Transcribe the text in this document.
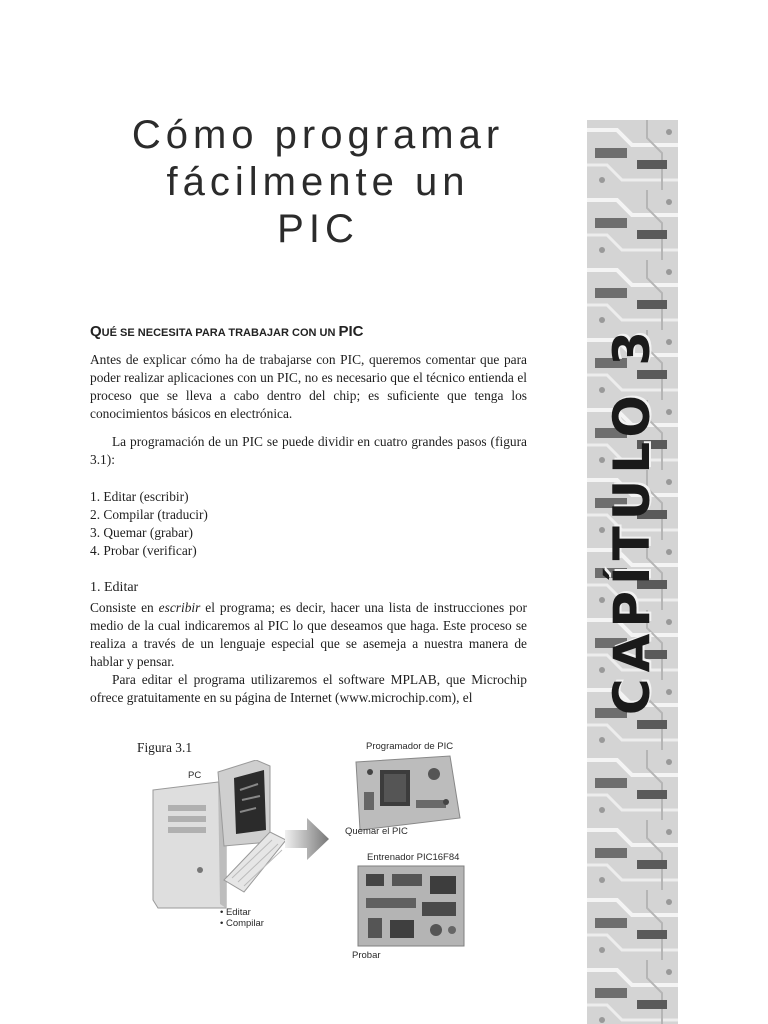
Cómo programar
fácilmente un
PIC
QUÉ SE NECESITA PARA TRABAJAR CON UN PIC

Antes de explicar cómo ha de trabajarse con PIC, queremos comentar que para poder realizar aplicaciones con un PIC, no es necesario que el técnico entienda el proceso que se lleva a cabo dentro del chip; es suficiente que tenga los conocimientos básicos en electrónica.

La programación de un PIC se puede dividir en cuatro grandes pasos (figura 3.1):

1. Editar (escribir)
2. Compilar (traducir)
3. Quemar (grabar)
4. Probar (verificar)
1. Editar

Consiste en escribir el programa; es decir, hacer una lista de instrucciones por medio de la cual indicaremos al PIC lo que deseamos que haga. Este proceso se realiza a través de un lenguaje especial que se asemeja a nuestra manera de hablar y pensar.

Para editar el programa utilizaremos el software MPLAB, que Microchip ofrece gratuitamente en su página de Internet (www.microchip.com), el	CAPÍTULO 3
Figura 3.1
PC
Programador de PIC
Quemar el PIC
Entrenador PIC16F84
• Editar
• Compilar
Probar
